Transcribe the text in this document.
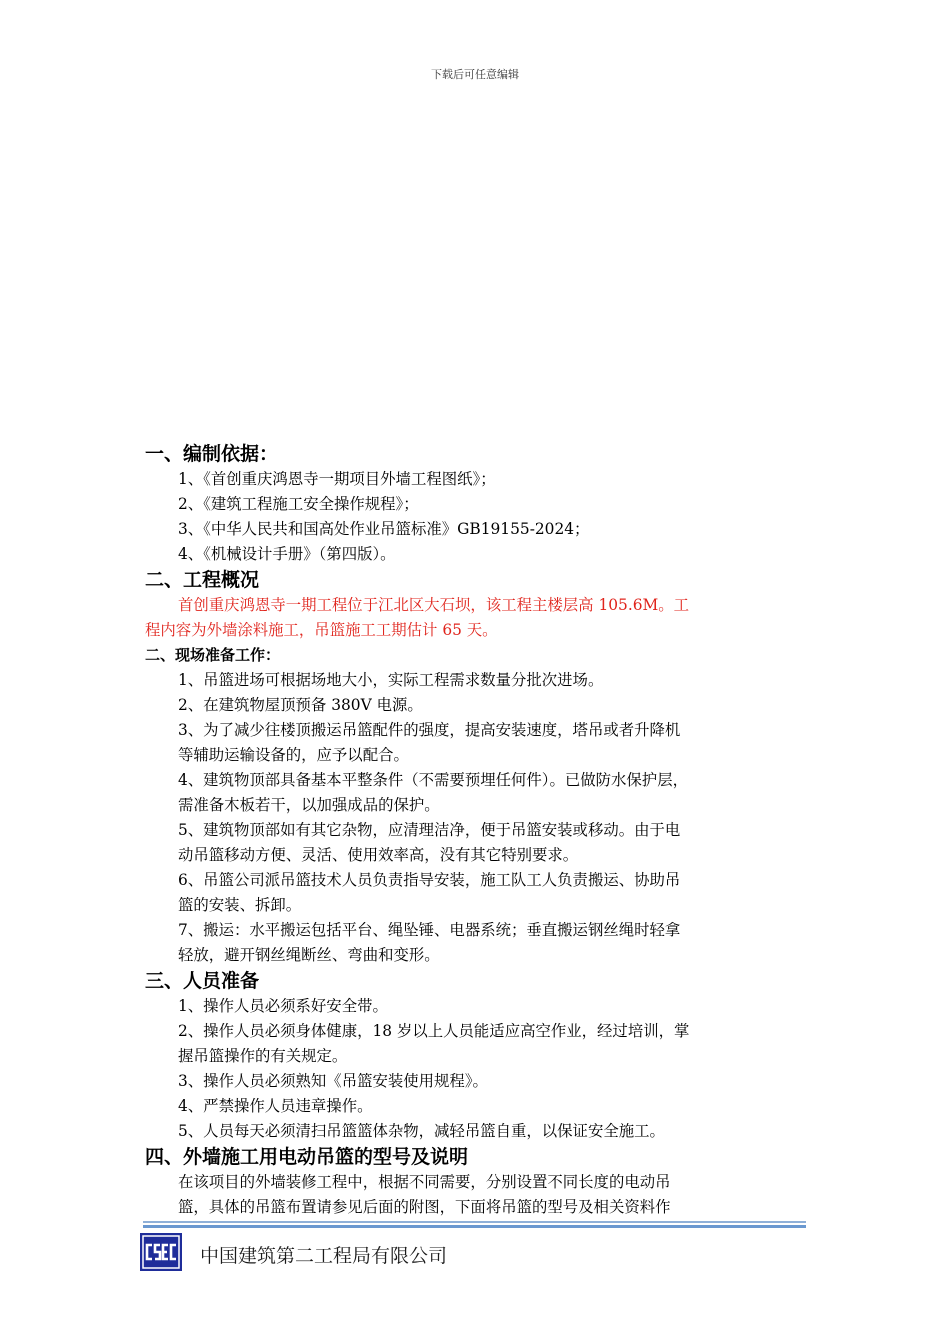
下载后可任意编辑
一、编制依据：
1、《首创重庆鸿恩寺一期项目外墙工程图纸》；
2、《建筑工程施工安全操作规程》；
3、《中华人民共和国高处作业吊篮标准》GB19155-2024；
4、《机械设计手册》（第四版）。
二、工程概况
首创重庆鸿恩寺一期工程位于江北区大石坝，该工程主楼层高 105.6M。工
程内容为外墙涂料施工，吊篮施工工期估计 65 天。
二、现场准备工作：
1、吊篮进场可根据场地大小，实际工程需求数量分批次进场。
2、在建筑物屋顶预备 380V 电源。
3、为了减少往楼顶搬运吊篮配件的强度，提高安装速度，塔吊或者升降机
等辅助运输设备的，应予以配合。
4、建筑物顶部具备基本平整条件（不需要预埋任何件）。已做防水保护层，
需准备木板若干，以加强成品的保护。
5、建筑物顶部如有其它杂物，应清理洁净，便于吊篮安装或移动。由于电
动吊篮移动方便、灵活、使用效率高，没有其它特别要求。
6、吊篮公司派吊篮技术人员负责指导安装，施工队工人负责搬运、协助吊
篮的安装、拆卸。
7、搬运：水平搬运包括平台、绳坠锤、电器系统；垂直搬运钢丝绳时轻拿
轻放，避开钢丝绳断丝、弯曲和变形。
三、人员准备
1、操作人员必须系好安全带。
2、操作人员必须身体健康，18 岁以上人员能适应高空作业，经过培训，掌
握吊篮操作的有关规定。
3、操作人员必须熟知《吊篮安装使用规程》。
4、严禁操作人员违章操作。
5、人员每天必须清扫吊篮篮体杂物，减轻吊篮自重，以保证安全施工。
四、外墙施工用电动吊篮的型号及说明
在该项目的外墙装修工程中，根据不同需要，分别设置不同长度的电动吊
篮，具体的吊篮布置请参见后面的附图，下面将吊篮的型号及相关资料作
中国建筑第二工程局有限公司
